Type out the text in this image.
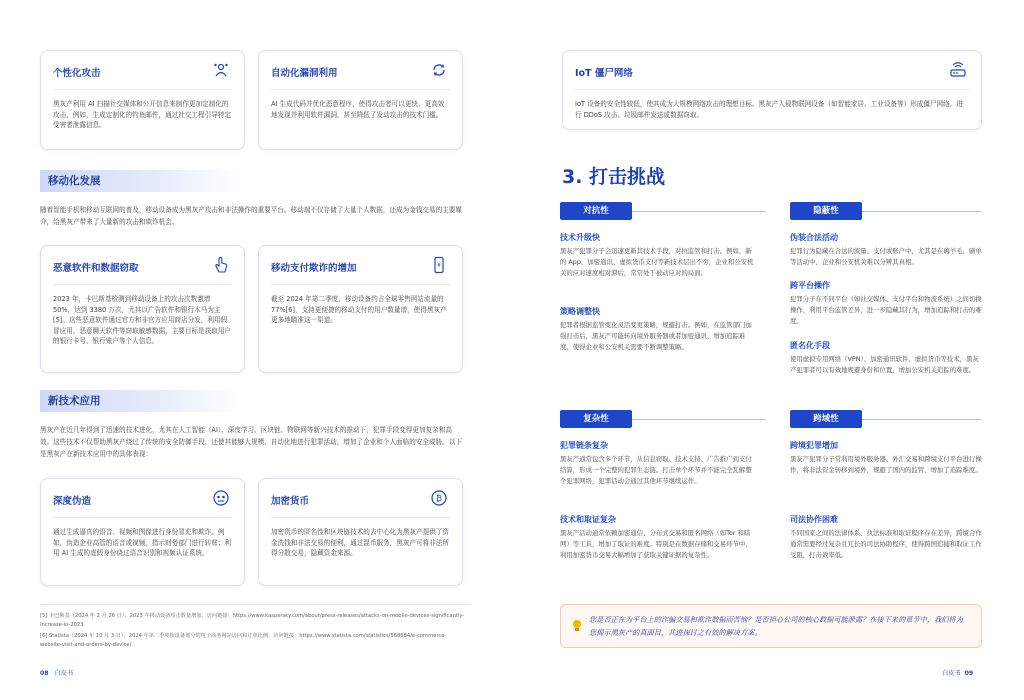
个性化攻击
黑灰产利用 AI 扫描社交媒体和公开信息来制作更加定制化的攻击，例如，生成定制化的钓鱼邮件，通过社交工程引导特定受害者泄露信息。
自动化漏洞利用
AI 生成代码并优化恶意程序，使得攻击者可以更快、更高效地发现并利用软件漏洞，甚至降低了发动攻击的技术门槛。
移动化发展
随着智能手机和移动互联网的普及，移动设备成为黑灰产攻击和非法操作的重要平台。移动端不仅存储了大量个人数据，还成为金钱交易的主要媒介，给黑灰产带来了大量新的攻击和欺诈机会。
恶意软件和数据窃取
2023 年，卡巴斯基检测到移动设备上的攻击次数激增 50%，达到 3380 万次，尤其以广告软件和银行木马为主[5]。这些恶意软件通过官方和非官方应用商店分发，利用假冒应用、恶意聊天软件等窃取敏感数据，主要目标是获取用户的银行卡号、银行账户等个人信息。
移动支付欺诈的增加	¥
截至 2024 年第二季度，移动设备约占全球零售网站流量的 77%[6]，支持更便捷的移动支付的用户数量增，使得黑灰产更多地瞄准这一渠道。
新技术应用
黑灰产在近几年得到了迅速的技术进化，尤其在人工智能（AI）、深度学习、区块链、物联网等新兴技术的推动下，犯罪手段变得更加复杂和高效。这些技术不仅帮助黑灰产绕过了传统的安全防御手段，还使其能够大规模、自动化地进行犯罪活动，增加了企业和个人面临的安全威胁。以下是黑灰产在新技术应用中的具体表现：
深度伪造
通过生成逼真的语音、视频和图像进行身份冒充和欺诈。例如，伪造企业高管的语音或视频，指示财务部门进行转账；利用 AI 生成的虚假身份绕过语音识别和视频认证系统。
加密货币	₿
加密货币的匿名性和区块链技术的去中心化为黑灰产提供了资金洗钱和非法交易的便利，通过混币服务，黑灰产可将非法所得分散交易，隐藏资金来源。
[5] 卡巴斯基（2024 年 2 月 26 日），2023 年移动设备攻击数量增加，访问链接：https://www.kaspersky.com/about/press-releases/attacks-on-mobile-devices-significantly-increase-in-2023
[6] Statista（2024 年 10 月 3 日），2024 年第二季度按设备划分的电子商务网站访问和订单比例，访问链接：https://www.statista.com/statistics/568684/e-commerce-website-visit-and-orders-by-device/
08 白皮书
IoT 僵尸网络
IoT 设备的安全性较低，使其成为大规模网络攻击的理想目标。黑灰产入侵物联网设备（如智能家居、工业设备等）形成僵尸网络，进行 DDoS 攻击、垃圾邮件发送或数据窃取。
3. 打击挑战
对抗性
技术升级快
黑灰产犯罪分子会迅速更新其技术手段，对抗监管和打击。例如，新的 App、加密通讯、虚拟货币支付等新技术层出不穷，企业和公安机关的应对速度相对滞后，常常处于被动应对的局面。
策略调整快
犯罪者根据监管变化灵活变更策略，规避打击。例如，在监管部门加强打击后，黑灰产可能转向境外服务器或者加密通讯，增加追踪难度，使得企业和公安机关需要不断调整策略。
隐蔽性
伪装合法活动
犯罪行为隐藏在合法的流量、支付或账户中，尤其是在薅羊毛、刷单等活动中，企业和公安机关难以分辨其真相。
跨平台操作
犯罪分子在不同平台（如社交媒体、支付平台和物流系统）之间切换操作，利用平台监管差异，进一步隐藏其行为，增加追踪和打击的难度。
匿名化手段
使用虚拟专用网络（VPN）、加密通讯软件、虚拟货币等技术，黑灰产犯罪者可以有效地规避身份和位置，增加公安机关追踪的难度。
复杂性
犯罪链条复杂
黑灰产通常包含多个环节，从信息窃取、技术支持、广告推广到支付结算，形成一个完整的犯罪生态链。打击单个环节并不能完全瓦解整个犯罪网络，犯罪活动会通过其他环节继续运作。
技术和取证复杂
黑灰产活动通常依赖加密通信、分布式交易和匿名网络（如Tor 和暗网）等工具，增加了取证的难度。特别是在数据存储和交易环节中，利用加密货币交易大幅增加了获取关键证据的复杂性。
跨域性
跨境犯罪增加
黑灰产犯罪分子常利用境外服务器、外汇交易和跨境支付平台进行操作，将非法资金转移到境外，规避了国内的监管，增加了追踪难度。
司法协作困难
不同国家之间的法律体系、执法标准和取证程序存在差异，跨境合作通常需要经过复杂且冗长的司法协助程序，使得跨国追捕和取证工作受阻，打击效率低。
您是否正在为平台上的诈骗交易和欺诈数据而苦恼？是否担心公司的核心数据可能泄露？在接下来的章节中，我们将为您揭示黑灰产的真面目，共进探讨之有效的解决方案。
白皮书 09
